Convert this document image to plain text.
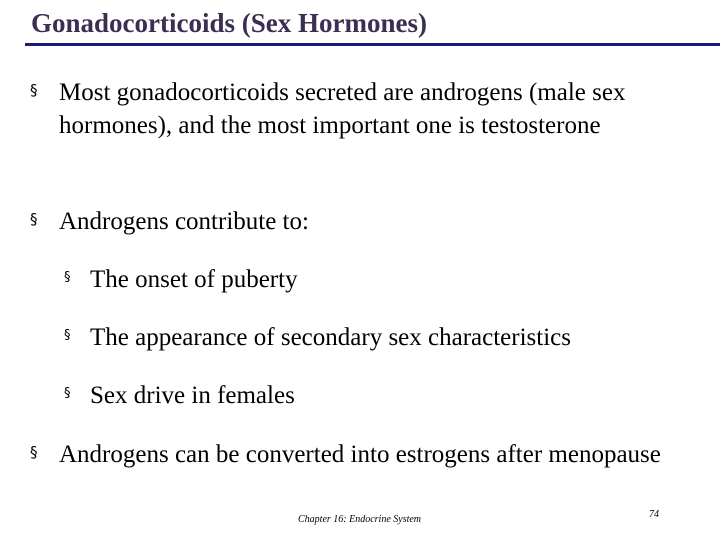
Gonadocorticoids (Sex Hormones)
§ Most gonadocorticoids secreted are androgens (male sex hormones), and the most important one is testosterone
§ Androgens contribute to:
§ The onset of puberty
§ The appearance of secondary sex characteristics
§ Sex drive in females
§ Androgens can be converted into estrogens after menopause
Chapter 16: Endocrine System	74
